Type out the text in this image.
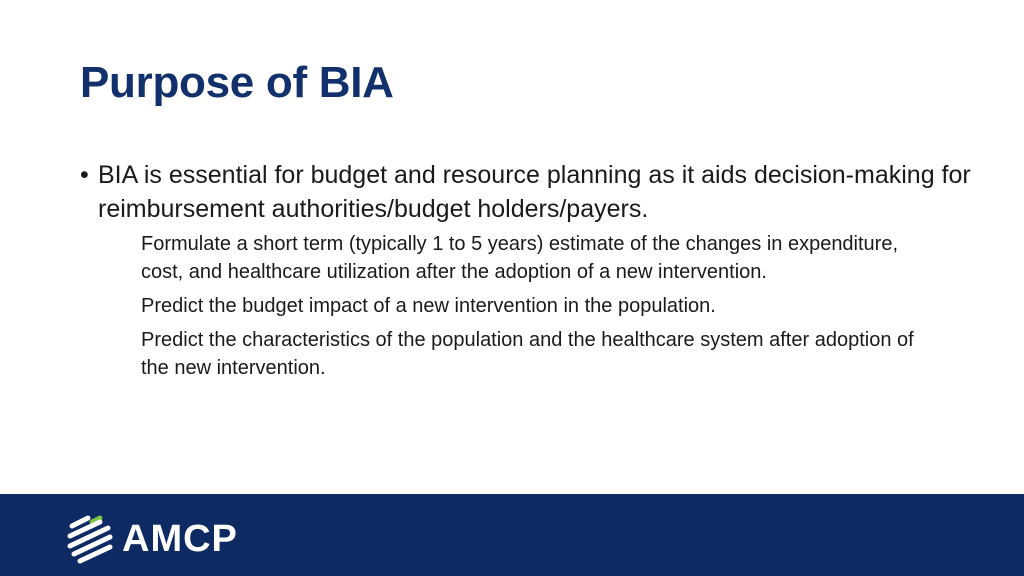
Purpose of BIA
• BIA is essential for budget and resource planning as it aids decision-making for reimbursement authorities/budget holders/payers.
Formulate a short term (typically 1 to 5 years) estimate of the changes in expenditure, cost, and healthcare utilization after the adoption of a new intervention.
Predict the budget impact of a new intervention in the population.
Predict the characteristics of the population and the healthcare system after adoption of the new intervention.
AMCP
